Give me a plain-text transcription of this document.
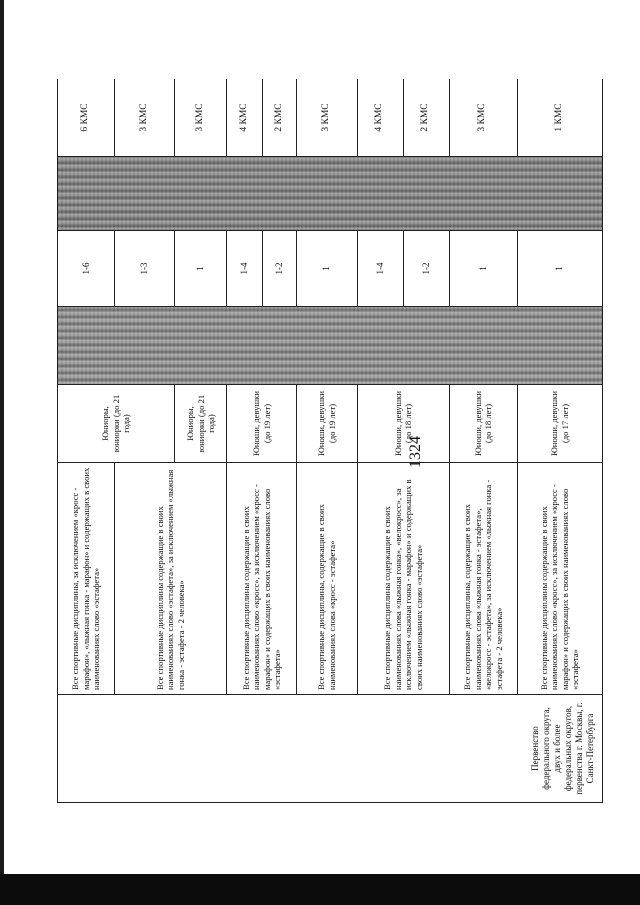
1324
Первенство федерального округа, двух и более федеральных округов, первенства г. Москвы, г. Санкт-Петербурга	Все спортивные дисциплины, за исключением «кросс - марафон», «лыжная гонка - марафон» и содержащих в своих наименованиях слово «эстафета»	Юниоры, юниорки (до 21 года)		1-6		6 КМС
	Все спортивные дисциплины содержащие в своих наименованиях слово «эстафета», за исключением «лыжная гонка - эстафета - 2 человека»			1-3		3 КМС
		Юниоры, юниорки (до 21 года)		1		3 КМС
	Все спортивные дисциплины содержащие в своих наименованиях слово «кросс», за исключением «кросс - марафон» и содержащих в своих наименованиях слово «эстафета»	Юноши, девушки (до 19 лет)		1-4		4 КМС
				1-2		2 КМС
	Все спортивные дисциплины, содержащие в своих наименованиях слова «кросс - эстафета»	Юноши, девушки (до 19 лет)		1		3 КМС
	Все спортивные дисциплины содержащие в своих наименованиях слова «лыжная гонка», «велокросс», за исключением «лыжная гонка - марафон» и содержащих в своих наименованиях слово «эстафета»	Юноши, девушки (до 18 лет)		1-4		4 КМС
				1-2		2 КМС
	Все спортивные дисциплины, содержащие в своих наименованиях слова «лыжная гонка - эстафета», «велокросс - эстафета», за исключением «лыжная гонка - эстафета - 2 человека»	Юноши, девушки (до 18 лет)		1		3 КМС
	Все спортивные дисциплины содержащие в своих наименованиях слово «кросс», за исключением «кросс - марафон» и содержащих в своих наименованиях слово «эстафета»	Юноши, девушки (до 17 лет)		1		1 КМС
